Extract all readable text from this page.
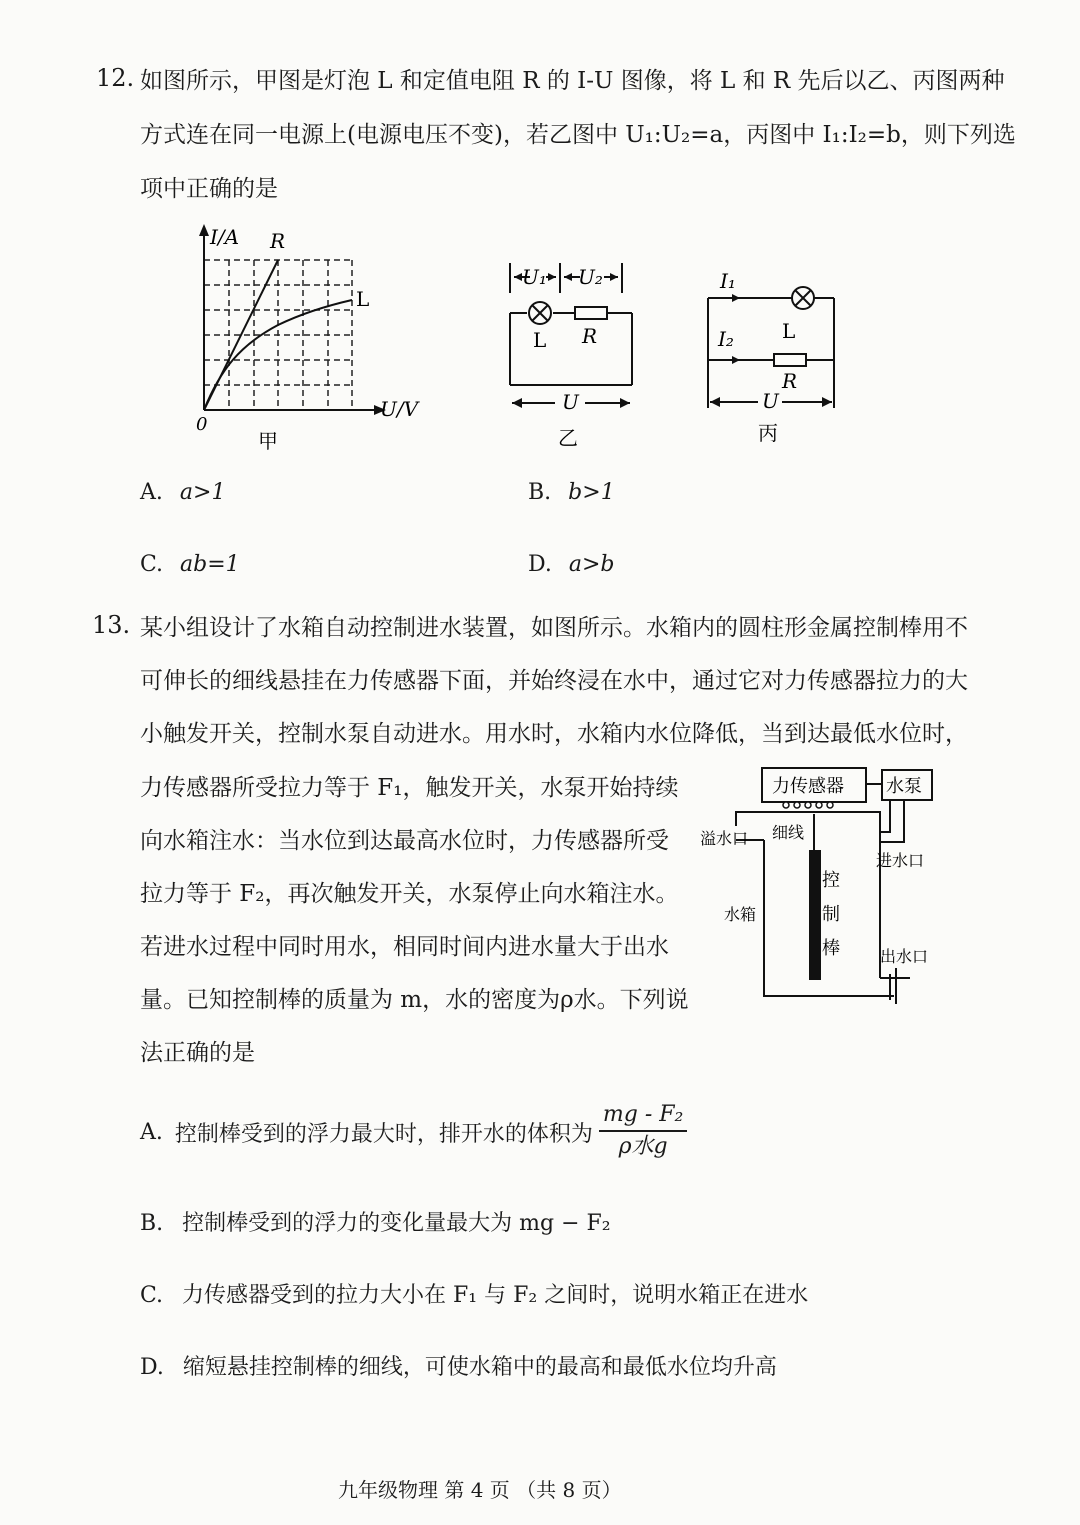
12. 如图所示，甲图是灯泡 L 和定值电阻 R 的 I-U 图像，将 L 和 R 先后以乙、丙图两种
方式连在同一电源上(电源电压不变)，若乙图中 U₁:U₂=a，丙图中 I₁:I₂=b，则下列选
项中正确的是
I/A R
L
0
U/V
甲
U₁ U₂
L R
U
乙
I₁
I₂ L
R
U
丙
A. a>1	B. b>1
C. ab=1	D. a>b
13. 某小组设计了水箱自动控制进水装置，如图所示。水箱内的圆柱形金属控制棒用不
可伸长的细线悬挂在力传感器下面，并始终浸在水中，通过它对力传感器拉力的大
小触发开关，控制水泵自动进水。用水时，水箱内水位降低，当到达最低水位时，
力传感器所受拉力等于 F₁，触发开关，水泵开始持续
向水箱注水：当水位到达最高水位时，力传感器所受
拉力等于 F₂，再次触发开关，水泵停止向水箱注水。
若进水过程中同时用水，相同时间内进水量大于出水
量。已知控制棒的质量为 m，水的密度为ρ水。下列说
法正确的是
力传感器 水泵
溢水口 细线
进水口
水箱
控
制
棒	出水口
A. 控制棒受到的浮力最大时，排开水的体积为 $\frac{\text{mg - F₂}}{\text{ρ水g}}$
B. 控制棒受到的浮力的变化量最大为 mg − F₂
C. 力传感器受到的拉力大小在 F₁ 与 F₂ 之间时，说明水箱正在进水
D. 缩短悬挂控制棒的细线，可使水箱中的最高和最低水位均升高
九年级物理 第 4 页 （共 8 页）
